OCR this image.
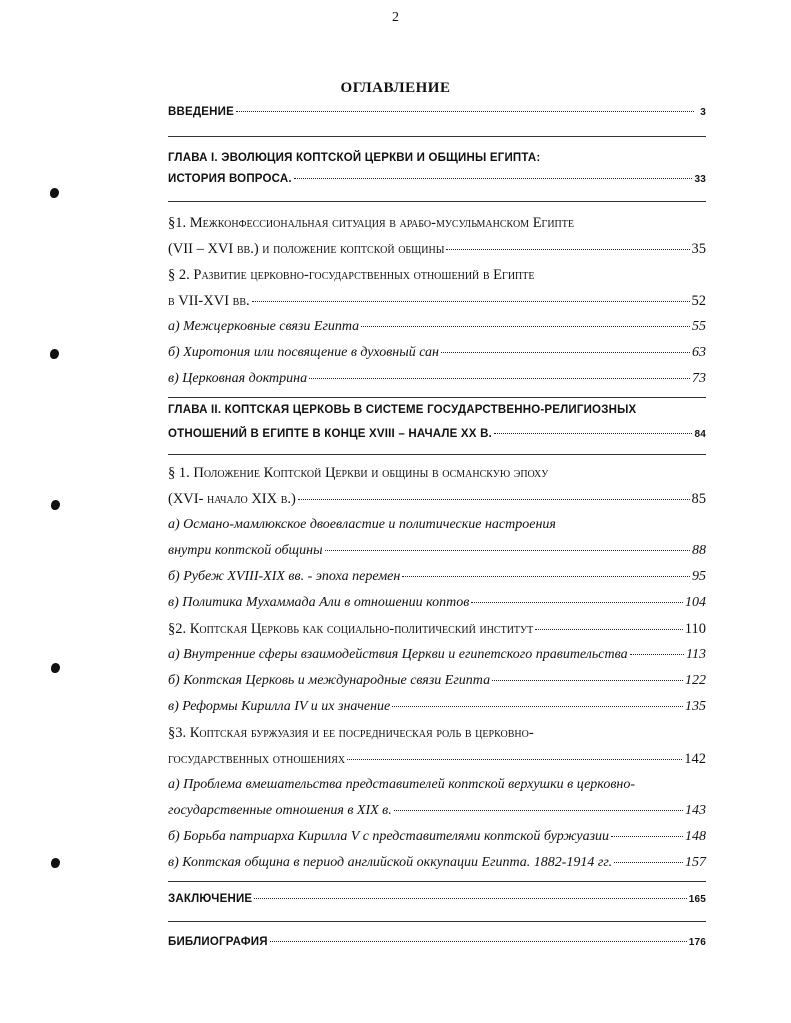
2
ОГЛАВЛЕНИЕ
ВВЕДЕНИЕ	3
ГЛАВА I. ЭВОЛЮЦИЯ КОПТСКОЙ ЦЕРКВИ И ОБЩИНЫ ЕГИПТА:
ИСТОРИЯ ВОПРОСА.	33
§1. Межконфессиональная ситуация в арабо-мусульманском Египте
(VII – XVI вв.) и положение коптской общины	35
§ 2. Развитие церковно-государственных отношений в Египте
в VII-XVI вв.	52
а) Межцерковные связи Египта	55
б) Хиротония или посвящение в духовный сан	63
в) Церковная доктрина	73
ГЛАВА II. КОПТСКАЯ ЦЕРКОВЬ В СИСТЕМЕ ГОСУДАРСТВЕННО-РЕЛИГИОЗНЫХ
ОТНОШЕНИЙ В ЕГИПТЕ В КОНЦЕ XVIII – НАЧАЛЕ XX В.	84
§ 1. Положение Коптской Церкви и общины в османскую эпоху
(XVI- начало XIX в.)	85
а) Османо-мамлюкское двоевластие и политические настроения
внутри коптской общины	88
б) Рубеж XVIII-XIX вв. - эпоха перемен	95
в) Политика Мухаммада Али в отношении коптов	104
§2. Коптская Церковь как социально-политический институт	110
а) Внутренние сферы взаимодействия Церкви и египетского правительства	113
б) Коптская Церковь и международные связи Египта	122
в) Реформы Кирилла IV и их значение	135
§3. Коптская буржуазия и ее посредническая роль в церковно-
государственных отношениях	142
а) Проблема вмешательства представителей коптской верхушки в церковно-
государственные отношения в XIX в.	143
б) Борьба патриарха Кирилла V с представителями коптской буржуазии	148
в) Коптская община в период английской оккупации Египта. 1882-1914 гг.	157
ЗАКЛЮЧЕНИЕ	165
БИБЛИОГРАФИЯ	176
